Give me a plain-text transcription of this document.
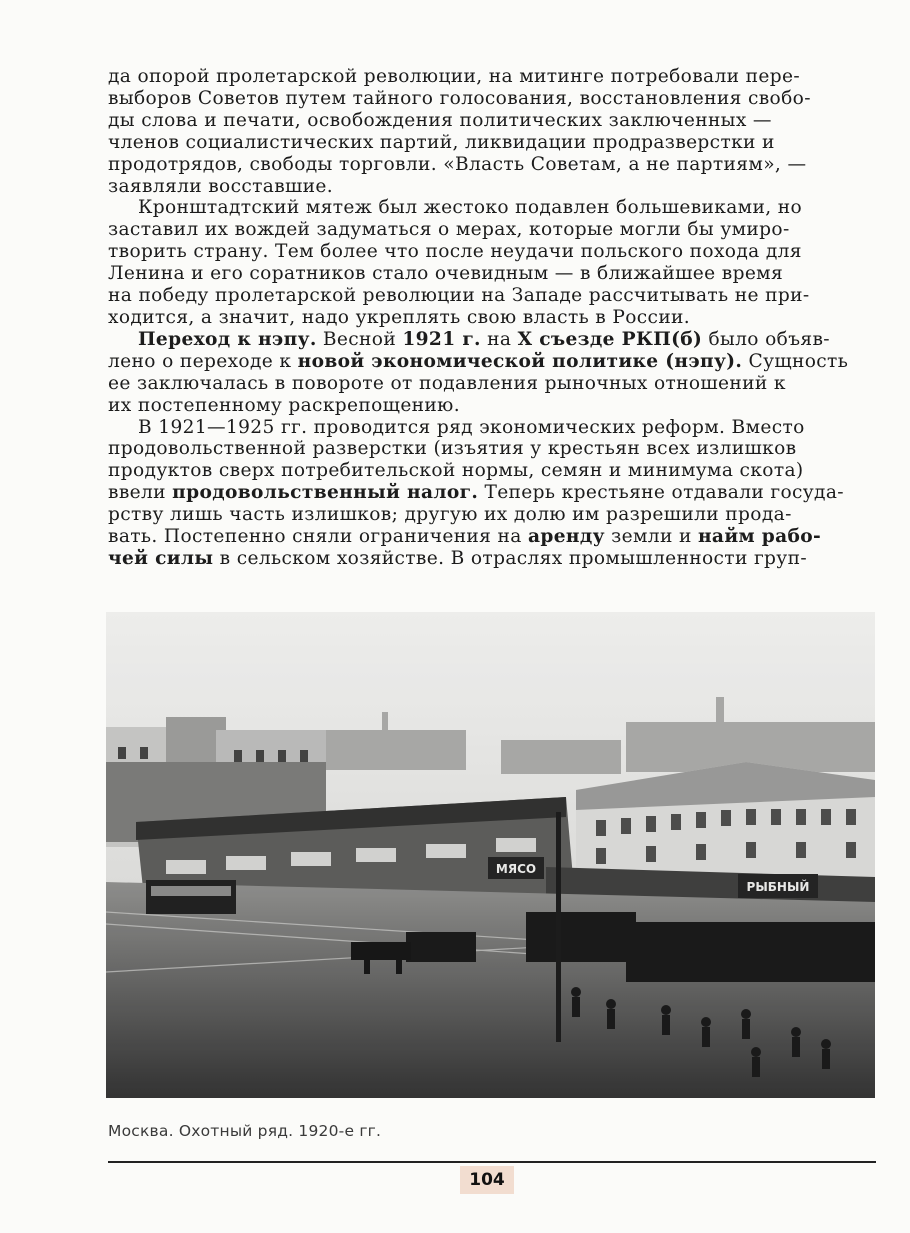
да опорой пролетарской революции, на митинге потребовали пере-
выборов Советов путем тайного голосования, восстановления свобо-
ды слова и печати, освобождения политических заключенных —
членов социалистических партий, ликвидации продразверстки и
продотрядов, свободы торговли. «Власть Советам, а не партиям», —
заявляли восставшие.

Кронштадтский мятеж был жестоко подавлен большевиками, но
заставил их вождей задуматься о мерах, которые могли бы умиро-
творить страну. Тем более что после неудачи польского похода для
Ленина и его соратников стало очевидным — в ближайшее время
на победу пролетарской революции на Западе рассчитывать не при-
ходится, а значит, надо укреплять свою власть в России.

Переход к нэпу. Весной 1921 г. на X съезде РКП(б) было объяв-
лено о переходе к новой экономической политике (нэпу). Сущность
ее заключалась в повороте от подавления рыночных отношений к
их постепенному раскрепощению.

В 1921—1925 гг. проводится ряд экономических реформ. Вместо
продовольственной разверстки (изъятия у крестьян всех излишков
продуктов сверх потребительской нормы, семян и минимума скота)
ввели продовольственный налог. Теперь крестьяне отдавали госуда-
рству лишь часть излишков; другую их долю им разрешили прода-
вать. Постепенно сняли ограничения на аренду земли и найм рабо-
чей силы в сельском хозяйстве. В отраслях промышленности груп-

МЯСО
РЫБНЫЙ
Москва. Охотный ряд. 1920-е гг.
104
